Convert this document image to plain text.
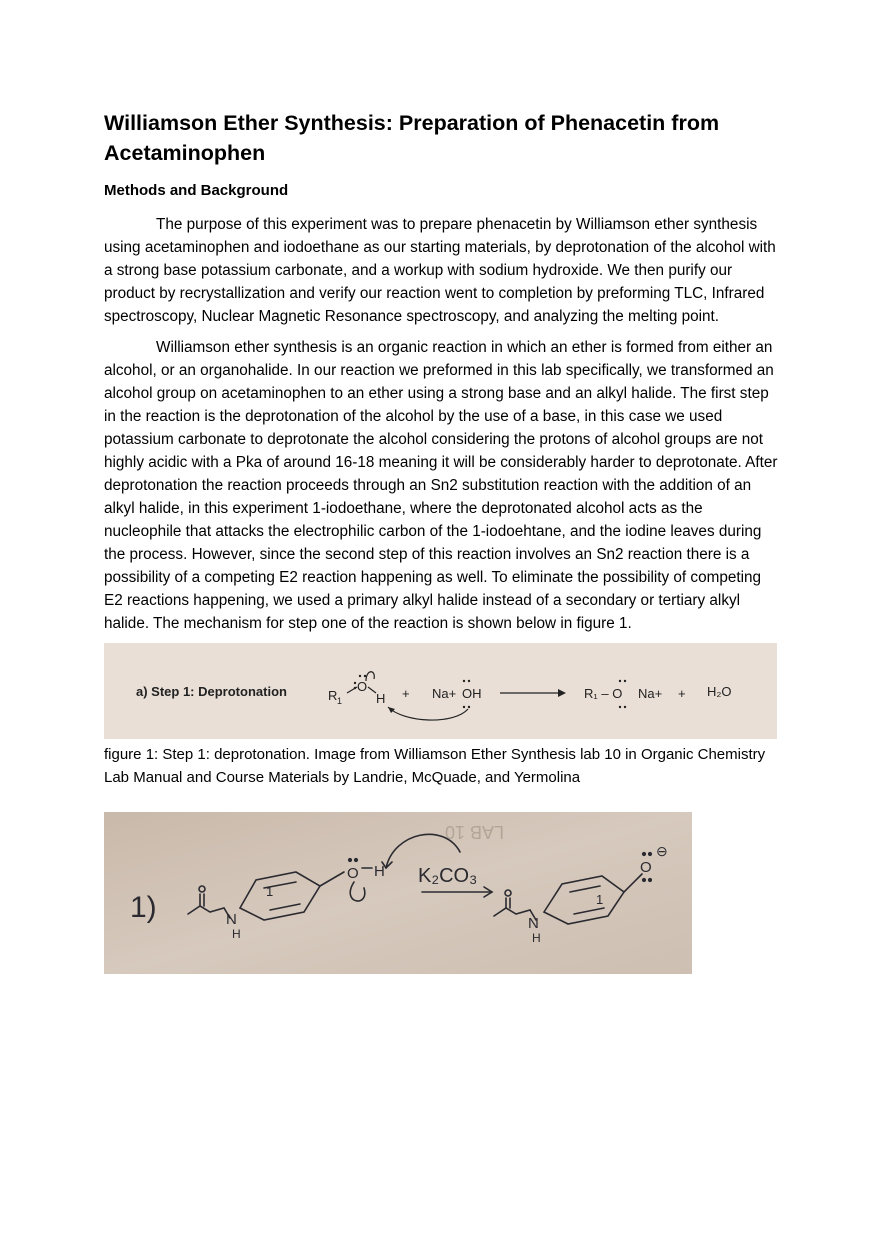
Williamson Ether Synthesis: Preparation of Phenacetin from Acetaminophen
Methods and Background

The purpose of this experiment was to prepare phenacetin by Williamson ether synthesis using acetaminophen and iodoethane as our starting materials, by deprotonation of the alcohol with a strong base potassium carbonate, and a workup with sodium hydroxide. We then purify our product by recrystallization and verify our reaction went to completion by preforming TLC, Infrared spectroscopy, Nuclear Magnetic Resonance spectroscopy, and analyzing the melting point.

Williamson ether synthesis is an organic reaction in which an ether is formed from either an alcohol, or an organohalide. In our reaction we preformed in this lab specifically, we transformed an alcohol group on acetaminophen to an ether using a strong base and an alkyl halide. The first step in the reaction is the deprotonation of the alcohol by the use of a base, in this case we used potassium carbonate to deprotonate the alcohol considering the protons of alcohol groups are not highly acidic with a Pka of around 16-18 meaning it will be considerably harder to deprotonate. After deprotonation the reaction proceeds through an Sn2 substitution reaction with the addition of an alkyl halide, in this experiment 1-iodoethane, where the deprotonated alcohol acts as the nucleophile that attacks the electrophilic carbon of the 1-iodoehtane, and the iodine leaves during the process. However, since the second step of this reaction involves an Sn2 reaction there is a possibility of a competing E2 reaction happening as well. To eliminate the possibility of competing E2 reactions happening, we used a primary alkyl halide instead of a secondary or tertiary alkyl halide. The mechanism for step one of the reaction is shown below in figure 1.

a) Step 1: Deprotonation	R 1
O
H + Na+ OH	R₁ – O Na+ + H₂O

figure 1: Step 1: deprotonation. Image from Williamson Ether Synthesis lab 10 in Organic Chemistry Lab Manual and Course Materials by Landrie, McQuade, and Yermolina

LAB 10
1)	N
H
1
O H K₂CO₃
N
H
1
O
⊖
